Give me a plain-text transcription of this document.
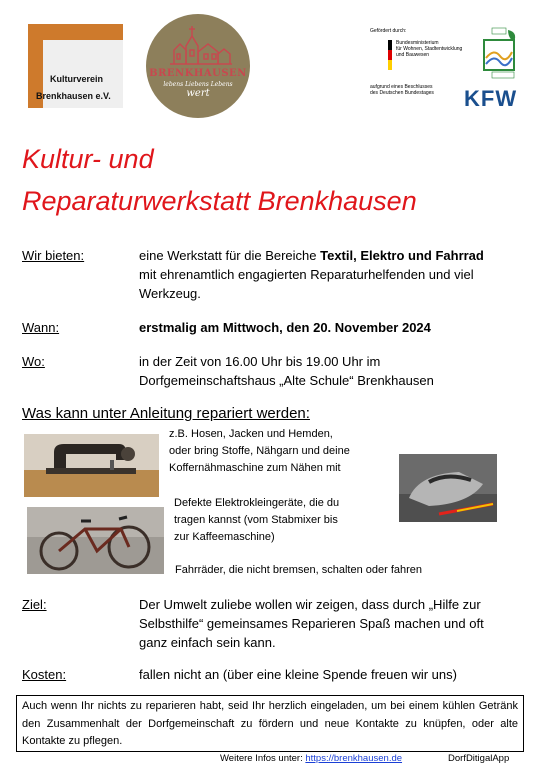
Kulturverein
Brenkhausen e.V.
BRENKHAUSEN
lebens Liebens Lebens
wert
Gefördert durch:
Bundesministerium
für Wohnen, Stadtentwicklung
und Bauwesen
aufgrund eines Beschlusses
des Deutschen Bundestages	KFW
Kultur- und
Reparaturwerkstatt Brenkhausen
Wir bieten:	eine Werkstatt für die Bereiche Textil, Elektro und Fahrrad
mit ehrenamtlich engagierten Reparaturhelfenden und viel
Werkzeug.
Wann:	erstmalig am Mittwoch, den 20. November 2024
Wo:	in der Zeit von 16.00 Uhr bis 19.00 Uhr im
Dorfgemeinschaftshaus „Alte Schule“ Brenkhausen
Was kann unter Anleitung repariert werden:
z.B. Hosen, Jacken und Hemden,
oder bring Stoffe, Nähgarn und deine
Koffernähmaschine zum Nähen mit
Defekte Elektrokleingeräte, die du
tragen kannst (vom Stabmixer bis
zur Kaffeemaschine)
Fahrräder, die nicht bremsen, schalten oder fahren
Ziel:	Der Umwelt zuliebe wollen wir zeigen, dass durch „Hilfe zur
Selbsthilfe“ gemeinsames Reparieren Spaß machen und oft
ganz einfach sein kann.
Kosten:	fallen nicht an (über eine kleine Spende freuen wir uns)
Auch wenn Ihr nichts zu reparieren habt, seid Ihr herzlich eingeladen, um bei einem kühlen Getränk den Zusammenhalt der Dorfgemeinschaft zu fördern und neue Kontakte zu knüpfen, oder alte Kontakte zu pflegen.
Weitere Infos unter: https://brenkhausen.de	DorfDitigalApp
